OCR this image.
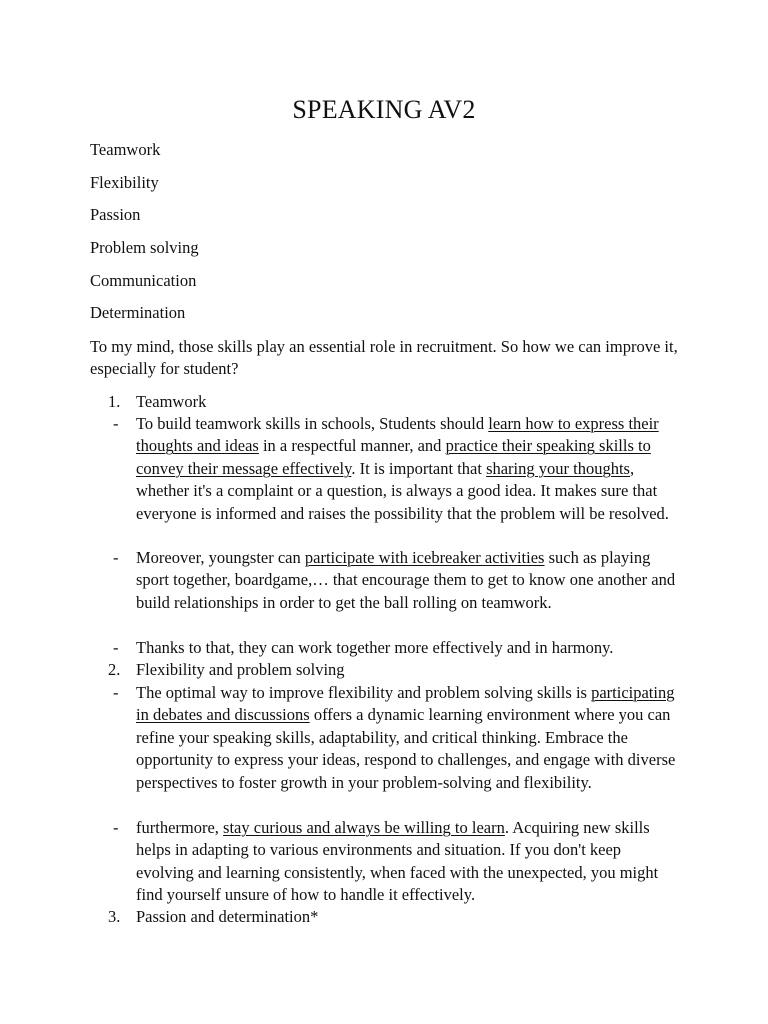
SPEAKING AV2
Teamwork
Flexibility
Passion
Problem solving
Communication
Determination
To my mind, those skills play an essential role in recruitment. So how we can improve it, especially for student?
1. Teamwork
- To build teamwork skills in schools, Students should learn how to express their thoughts and ideas in a respectful manner, and practice their speaking skills to convey their message effectively. It is important that sharing your thoughts, whether it's a complaint or a question, is always a good idea. It makes sure that everyone is informed and raises the possibility that the problem will be resolved.
- Moreover, youngster can participate with icebreaker activities such as playing sport together, boardgame,… that encourage them to get to know one another and build relationships in order to get the ball rolling on teamwork.
- Thanks to that, they can work together more effectively and in harmony.
2. Flexibility and problem solving
- The optimal way to improve flexibility and problem solving skills is participating in debates and discussions offers a dynamic learning environment where you can refine your speaking skills, adaptability, and critical thinking. Embrace the opportunity to express your ideas, respond to challenges, and engage with diverse perspectives to foster growth in your problem-solving and flexibility.
- furthermore, stay curious and always be willing to learn. Acquiring new skills helps in adapting to various environments and situation. If you don't keep evolving and learning consistently, when faced with the unexpected, you might find yourself unsure of how to handle it effectively.
3. Passion and determination*
